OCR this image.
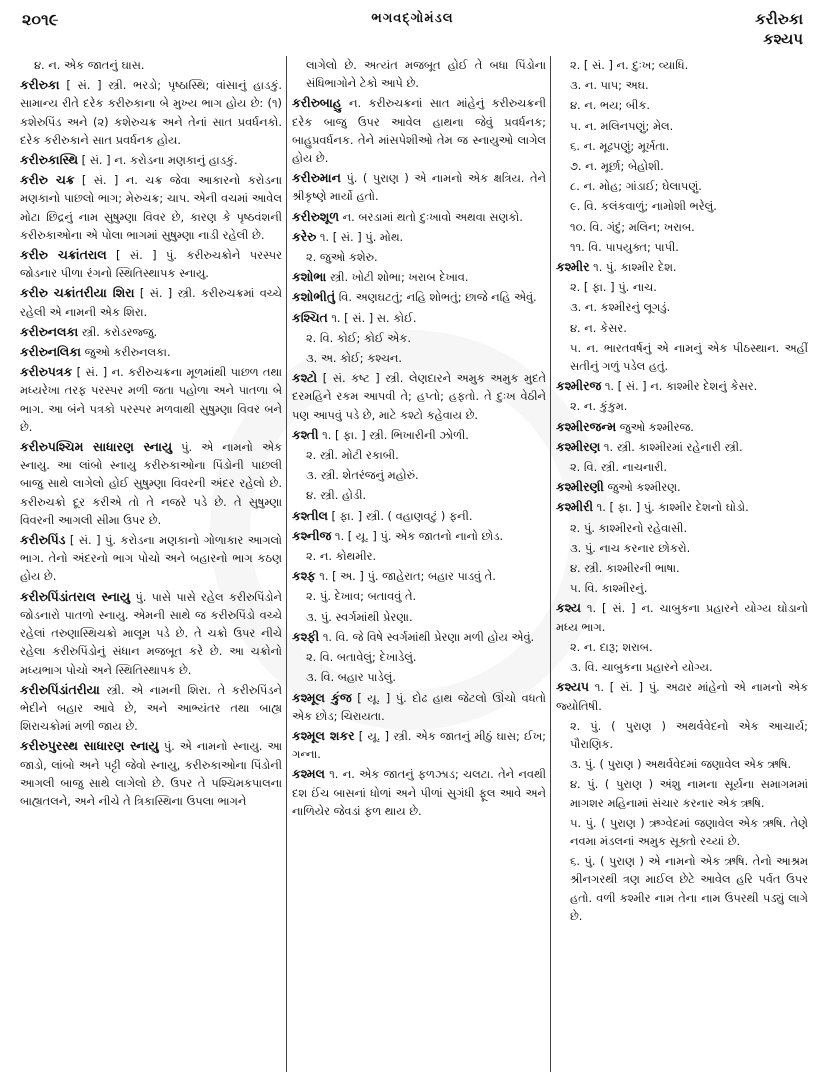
૨૦૧૯	ભગવદ્ગોમંડલ	કરીરુકા
કશ્યપ

૪. ન. એક જાતનું ઘાસ.

કરીરુકા [ સં. ] સ્ત્રી. ભરડો; પૃષ્ઠાસ્થિ; વાંસાનું હાડકું. સામાન્ય રીતે દરેક કરીરુકાના બે મુખ્ય ભાગ હોય છે: (૧) કશેરુપિંડ અને (૨) કશેરુચક્ર અને તેનાં સાત પ્રવર્ધનકો. દરેક કરીરુકાને સાત પ્રવર્ધનક હોય.

કરીરુકાસ્થિ [ સં. ] ન. કરોડના મણકાનું હાડકું.

કરીરુ ચક્ર [ સં. ] ન. ચક્ર જેવા આકારનો કરોડના મણકાનો પાછલો ભાગ; મેરુચક્ર; ચાપ. એની વચમાં આવેલ મોટા છિદ્રનું નામ સુષુમ્ણા વિવર છે, કારણ કે પૃષ્ઠવંશની કરીરુકાઓના એ પોલા ભાગમાં સુષુમ્ણા નાડી રહેલી છે.

કરીરુ ચક્રાંતરાલ [ સં. ] પું. કરીરુચક્રોને પરસ્પર જોડનાર પીળા રંગનો સ્થિતિસ્થાપક સ્નાયુ.

કરીરુ ચક્રાંતરીયા શિરા [ સં. ] સ્ત્રી. કરીરુચક્રમાં વચ્ચે રહેલી એ નામની એક શિરા.

કરીરુનલકા સ્ત્રી. કરોડરજ્જુ.

કરીરુનલિકા જુઓ કરીરુનલકા.

કરીરુપત્રક [ સં. ] ન. કરીરુચક્રના મૂળમાંથી પાછળ તથા મધ્યરેખા તરફ પરસ્પર મળી જતા પહોળા અને પાતળા બે ભાગ. આ બંને પત્રકો પરસ્પર મળવાથી સુષુમ્ણા વિવર બને છે.

કરીરુપશ્ચિમ સાધારણ સ્નાયુ પું. એ નામનો એક સ્નાયુ. આ લાંબો સ્નાયુ કરીરુકાઓના પિંડોની પાછલી બાજુ સાથે લાગેલો હોઈ સુષુમ્ણા વિવરની અંદર રહેલો છે. કરીરુચક્રો દૂર કરીએ તો તે નજરે પડે છે. તે સુષુમ્ણા વિવરની આગલી સીમા ઉપર છે.

કરીરુપિંડ [ સં. ] પું. કરોડના મણકાનો ગોળાકાર આગલો ભાગ. તેનો અંદરનો ભાગ પોચો અને બહારનો ભાગ કઠણ હોય છે.

કરીરુપિંડાંતરાલ સ્નાયુ પું. પાસે પાસે રહેલ કરીરુપિંડોને જોડનારો પાતળો સ્નાયુ. એમની સાથે જ કરીરુપિંડો વચ્ચે રહેલાં તરુણાસ્થિચક્રો માલૂમ પડે છે. તે ચક્રો ઉપર નીચે રહેલા કરીરુપિંડોનું સંધાન મજબૂત કરે છે. આ ચક્રોનો મધ્યભાગ પોચો અને સ્થિતિસ્થાપક છે.

કરીરુપિંડાંતરીયા સ્ત્રી. એ નામની શિરા. તે કરીરુપિંડને ભેદીને બહાર આવે છે, અને આભ્યંતર તથા બાહ્ય શિરાચક્રોમાં મળી જાય છે.

કરીરુપુરસ્થ સાધારણ સ્નાયુ પું. એ નામનો સ્નાયુ. આ જાડો, લાંબો અને પટ્ટી જેવો સ્નાયુ, કરીરુકાઓના પિંડોની આગલી બાજુ સાથે લાગેલો છે. ઉપર તે પશ્ચિમકપાલના બાહ્યતલને, અને નીચે તે ત્રિકાસ્થિના ઉપલા ભાગને

લાગેલો છે. અત્યંત મજબૂત હોઈ તે બધા પિંડોના સંધિભાગોને ટેકો આપે છે.

કરીરુબાહુ ન. કરીરુચક્રનાં સાત માંહેનું કરીરુચક્રની દરેક બાજુ ઉપર આવેલ હાથના જેવું પ્રવર્ધનક; બાહુપ્રવર્ધનક. તેને માંસપેશીઓ તેમ જ સ્નાયુઓ લાગેલ હોય છે.

કરીરુમાન પું. ( પુરાણ ) એ નામનો એક ક્ષત્રિય. તેને શ્રીકૃષ્ણે માર્યો હતો.

કરીરુશૂળ ન. બરડામાં થતો દુઃખાવો અથવા સણકો.

કરેરુ ૧. [ સં. ] પું. મોથ.

૨. જુઓ કશેરુ.

કશોભા સ્ત્રી. ખોટી શોભા; ખરાબ દેખાવ.

કશોભીતું વિ. અણઘટતું; નહિ શોભતું; છાજે નહિ એવું.

કશ્ચિત ૧. [ સં. ] સ. કોઈ.

૨. વિ. કોઈ; કોઈ એક.

૩. અ. કોઈ; કશ્ચન.

કશ્ટો [ સં. કષ્ટ ] સ્ત્રી. લેણદારને અમુક અમુક મુદતે દરમહિને રકમ આપવી તે; હપ્તો; હફતો. તે દુઃખ વેઠીને પણ આપવું પડે છે, માટે કશ્ટો કહેવાય છે.

કશ્તી ૧. [ ફા. ] સ્ત્રી. ભિખારીની ઝોળી.

૨. સ્ત્રી. મોટી રકાબી.

૩. સ્ત્રી. શેતરંજનું મહોરું.

૪. સ્ત્રી. હોડી.

કશ્તીલ [ ફા. ] સ્ત્રી. ( વહાણવટું ) ફની.

કશ્નીજ ૧. [ યૂ. ] પું. એક જાતનો નાનો છોડ.

૨. ન. કોથમીર.

કશ્ફ ૧. [ અ. ] પું. જાહેરાત; બહાર પાડવું તે.

૨. પું. દેખાવ; બતાવવું તે.

૩. પું. સ્વર્ગમાંથી પ્રેરણા.

કશ્ફી ૧. વિ. જે વિષે સ્વર્ગમાંથી પ્રેરણા મળી હોય એવું.

૨. વિ. બતાવેલું; દેખાડેલું.

૩. વિ. બહાર પાડેલું.

કશ્મૂલ કુંજ [ યૂ. ] પું. દોઢ હાથ જેટલો ઊંચો વધતો એક છોડ; ચિરાયતા.

કશ્મૂલ શકર [ યૂ. ] સ્ત્રી. એક જાતનું મીઠું ઘાસ; ઈખ; ગન્ના.

કશ્મલ ૧. ન. એક જાતનું ફળઝાડ; ચલટા. તેને નવથી દશ ઈંચ બાસનાં ધોળાં અને પીળાં સુગંધી ફૂલ આવે અને નાળિયેર જેવડાં ફળ થાય છે.

૨. [ સં. ] ન. દુઃખ; વ્યાધિ.

૩. ન. પાપ; અઘ.

૪. ન. ભય; બીક.

૫. ન. મલિનપણું; મેલ.

૬. ન. મૂઢપણું; મૂર્ખતા.

૭. ન. મૂર્છા; બેહોશી.

૮. ન. મોહ; ગાંડાઈ; ઘેલાપણું.

૯. વિ. કલંકવાળું; નામોશી ભરેલું.

૧૦. વિ. ગંદું; મલિન; ખરાબ.

૧૧. વિ. પાપયુક્ત; પાપી.

કશ્મીર ૧. પું. કાશ્મીર દેશ.

૨. [ ફા. ] પું. નાચ.

૩. ન. કશ્મીરનું લૂગડું.

૪. ન. કેસર.

૫. ન. ભારતવર્ષનું એ નામનું એક પીઠસ્થાન. અહીં સતીનું ગળું પડેલ હતું.

કશ્મીરજ ૧. [ સં. ] ન. કાશ્મીર દેશનું કેસર.

૨. ન. કુંકુમ.

કશ્મીરજન્મ જુઓ કશ્મીરજ.

કશ્મીરણ ૧. સ્ત્રી. કાશ્મીરમાં રહેનારી સ્ત્રી.

૨. વિ. સ્ત્રી. નાચનારી.

કશ્મીરણી જુઓ કશ્મીરણ.

કશ્મીરી ૧. [ ફા. ] પું. કાશ્મીર દેશનો ઘોડો.

૨. પું. કાશ્મીરનો રહેવાસી.

૩. પું. નાચ કરનાર છોકરો.

૪. સ્ત્રી. કાશ્મીરની ભાષા.

૫. વિ. કાશ્મીરનું.

કશ્ય ૧. [ સં. ] ન. ચાબુકના પ્રહારને યોગ્ય ઘોડાનો મધ્ય ભાગ.

૨. ન. દારૂ; શરાબ.

૩. વિ. ચાબુકના પ્રહારને યોગ્ય.

કશ્યપ ૧. [ સં. ] પું. અઢાર માંહેનો એ નામનો એક જ્યોતિષી.

૨. પું. ( પુરાણ ) અથર્વવેદનો એક આચાર્ય; પૌરાણિક.

૩. પું. ( પુરાણ ) અથર્વવેદમાં જણાવેલ એક ઋષિ.

૪. પું. ( પુરાણ ) અંશુ નામના સૂર્યના સમાગમમાં માગશર મહિનામાં સંચાર કરનાર એક ઋષિ.

૫. પું. ( પુરાણ ) ઋગ્વેદમાં જણાવેલ એક ઋષિ. તેણે નવમા મંડલનાં અમુક સૂક્તો રચ્યાં છે.

૬. પું. ( પુરાણ ) એ નામનો એક ઋષિ. તેનો આશ્રમ શ્રીનગરથી ત્રણ માઈલ છેટે આવેલ હરિ પર્વત ઉપર હતો. વળી કશ્મીર નામ તેના નામ ઉપરથી પડ્યું લાગે છે.
